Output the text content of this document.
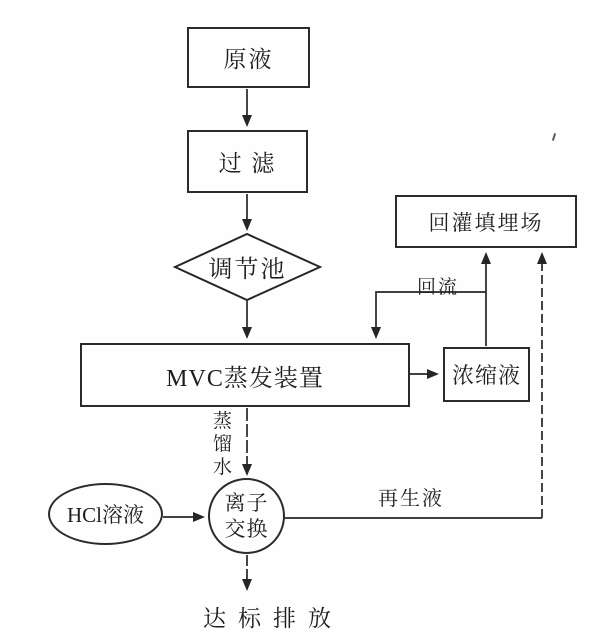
原液
过 滤
调节池
MVC蒸发装置
回灌填埋场
浓缩液
HCl溶液	离子交换
回流
蒸馏水
再生液
达标排放
